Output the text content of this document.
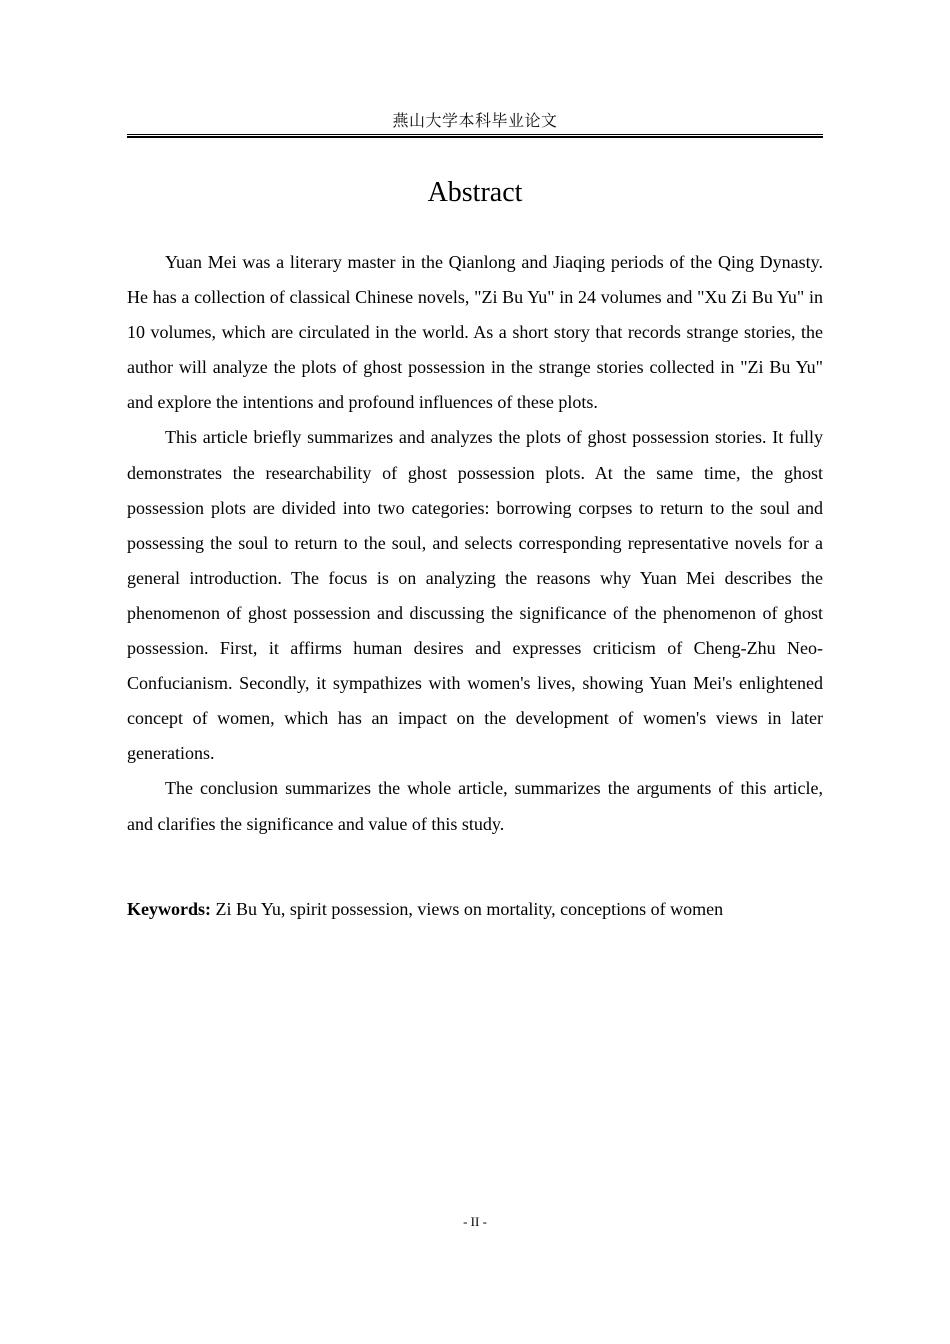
燕山大学本科毕业论文
Abstract

Yuan Mei was a literary master in the Qianlong and Jiaqing periods of the Qing Dynasty. He has a collection of classical Chinese novels, "Zi Bu Yu" in 24 volumes and "Xu Zi Bu Yu" in 10 volumes, which are circulated in the world. As a short story that records strange stories, the author will analyze the plots of ghost possession in the strange stories collected in "Zi Bu Yu" and explore the intentions and profound influences of these plots.

This article briefly summarizes and analyzes the plots of ghost possession stories. It fully demonstrates the researchability of ghost possession plots. At the same time, the ghost possession plots are divided into two categories: borrowing corpses to return to the soul and possessing the soul to return to the soul, and selects corresponding representative novels for a general introduction. The focus is on analyzing the reasons why Yuan Mei describes the phenomenon of ghost possession and discussing the significance of the phenomenon of ghost possession. First, it affirms human desires and expresses criticism of Cheng-Zhu Neo-Confucianism. Secondly, it sympathizes with women's lives, showing Yuan Mei's enlightened concept of women, which has an impact on the development of women's views in later generations.

The conclusion summarizes the whole article, summarizes the arguments of this article, and clarifies the significance and value of this study.

Keywords: Zi Bu Yu, spirit possession, views on mortality, conceptions of women
- II -
